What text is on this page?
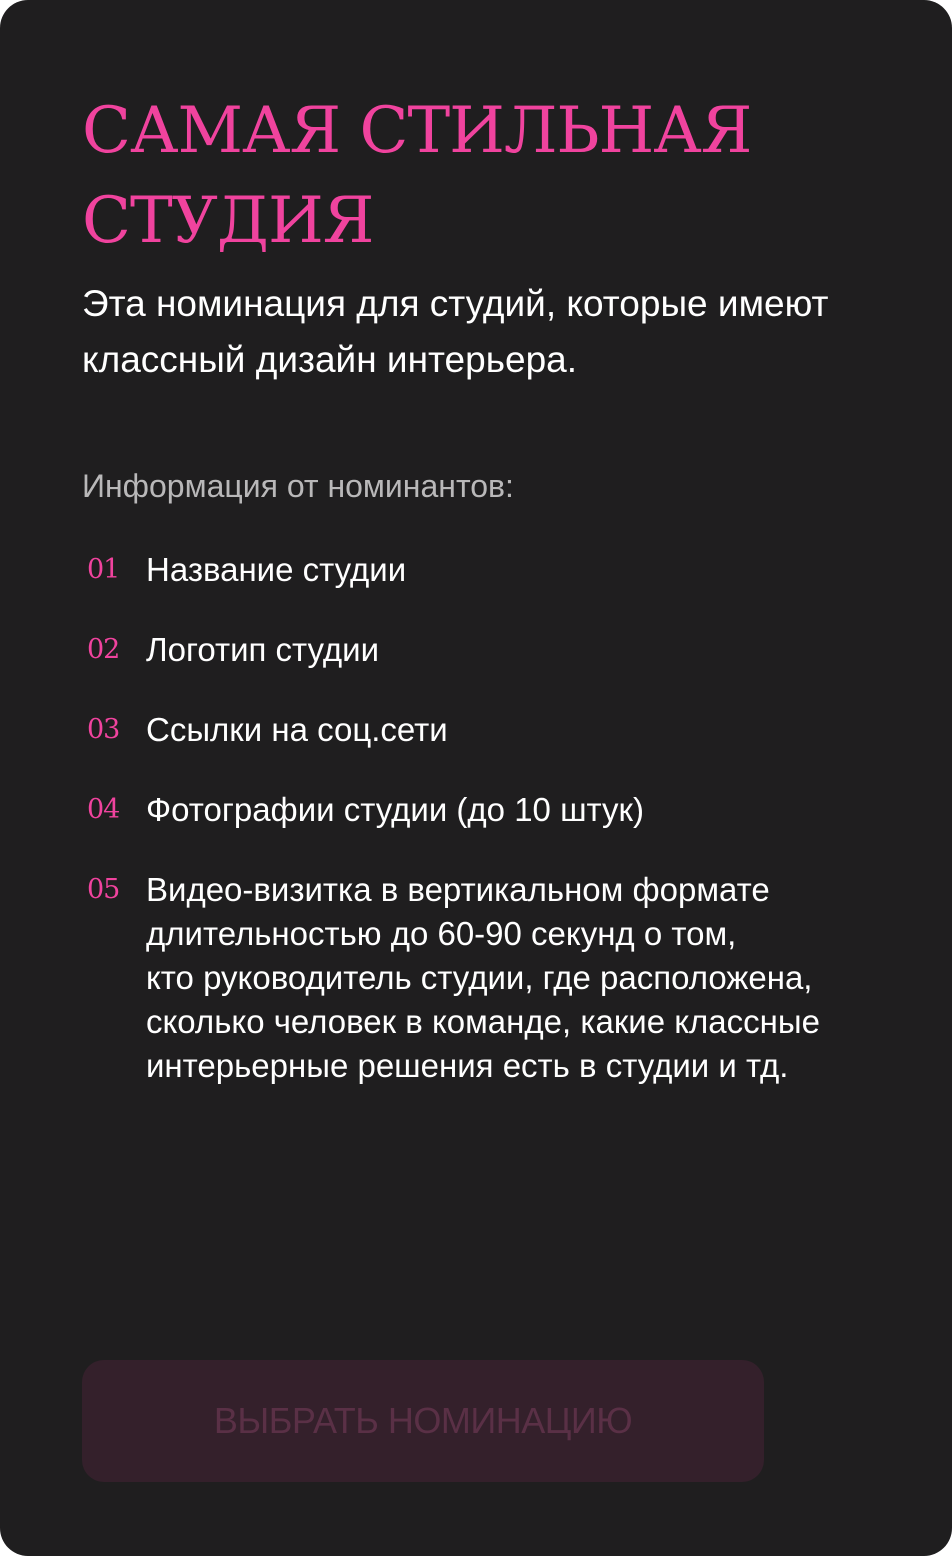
САМАЯ СТИЛЬНАЯ
СТУДИЯ

Эта номинация для студий, которые имеют
классный дизайн интерьера.

Информация от номинантов:

01 Название студии
02 Логотип студии
03 Ссылки на соц.сети
04 Фотографии студии (до 10 штук)
05 Видео-визитка в вертикальном формате
длительностью до 60-90 секунд о том,
кто руководитель студии, где расположена,
сколько человек в команде, какие классные
интерьерные решения есть в студии и тд.
ВЫБРАТЬ НОМИНАЦИЮ
